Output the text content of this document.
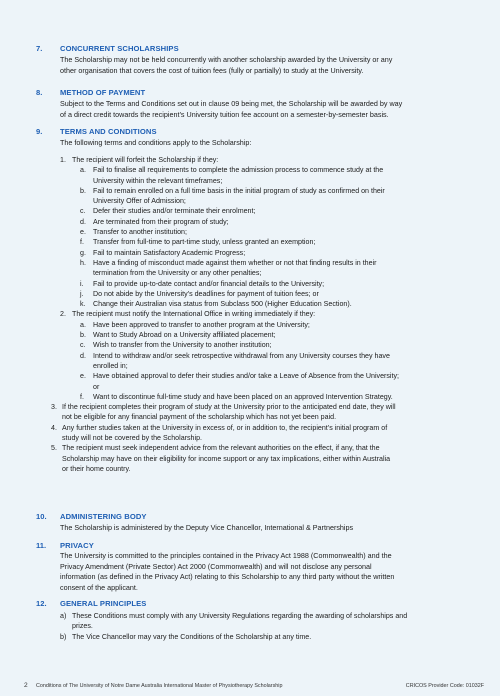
7. CONCURRENT SCHOLARSHIPS
The Scholarship may not be held concurrently with another scholarship awarded by the University or any
other organisation that covers the cost of tuition fees (fully or partially) to study at the University.
8. METHOD OF PAYMENT
Subject to the Terms and Conditions set out in clause 09 being met, the Scholarship will be awarded by way
of a direct credit towards the recipient’s University tuition fee account on a semester-by-semester basis.
9. TERMS AND CONDITIONS
The following terms and conditions apply to the Scholarship:
1. The recipient will forfeit the Scholarship if they:
a. Fail to finalise all requirements to complete the admission process to commence study at the
University within the relevant timeframes;
b. Fail to remain enrolled on a full time basis in the initial program of study as confirmed on their
University Offer of Admission;
c. Defer their studies and/or terminate their enrolment;
d. Are terminated from their program of study;
e. Transfer to another institution;
f. Transfer from full-time to part-time study, unless granted an exemption;
g. Fail to maintain Satisfactory Academic Progress;
h. Have a finding of misconduct made against them whether or not that finding results in their
termination from the University or any other penalties;
i. Fail to provide up-to-date contact and/or financial details to the University;
j. Do not abide by the University’s deadlines for payment of tuition fees; or
k. Change their Australian visa status from Subclass 500 (Higher Education Section).
2. The recipient must notify the International Office in writing immediately if they:
a. Have been approved to transfer to another program at the University;
b. Want to Study Abroad on a University affiliated placement;
c. Wish to transfer from the University to another institution;
d. Intend to withdraw and/or seek retrospective withdrawal from any University courses they have
enrolled in;
e. Have obtained approval to defer their studies and/or take a Leave of Absence from the University;
or
f. Want to discontinue full-time study and have been placed on an approved Intervention Strategy.
3. If the recipient completes their program of study at the University prior to the anticipated end date, they will
not be eligible for any financial payment of the scholarship which has not yet been paid.
4. Any further studies taken at the University in excess of, or in addition to, the recipient’s initial program of
study will not be covered by the Scholarship.
5. The recipient must seek independent advice from the relevant authorities on the effect, if any, that the
Scholarship may have on their eligibility for income support or any tax implications, either within Australia
or their home country.
10. ADMINISTERING BODY
The Scholarship is administered by the Deputy Vice Chancellor, International & Partnerships
11. PRIVACY
The University is committed to the principles contained in the Privacy Act 1988 (Commonwealth) and the
Privacy Amendment (Private Sector) Act 2000 (Commonwealth) and will not disclose any personal
information (as defined in the Privacy Act) relating to this Scholarship to any third party without the written
consent of the applicant.
12. GENERAL PRINCIPLES
a) These Conditions must comply with any University Regulations regarding the awarding of scholarships and
prizes.
b) The Vice Chancellor may vary the Conditions of the Scholarship at any time.
2 Conditions of The University of Notre Dame Australia International Master of Physiotherapy Scholarship	CRICOS Provider Code: 01032F
